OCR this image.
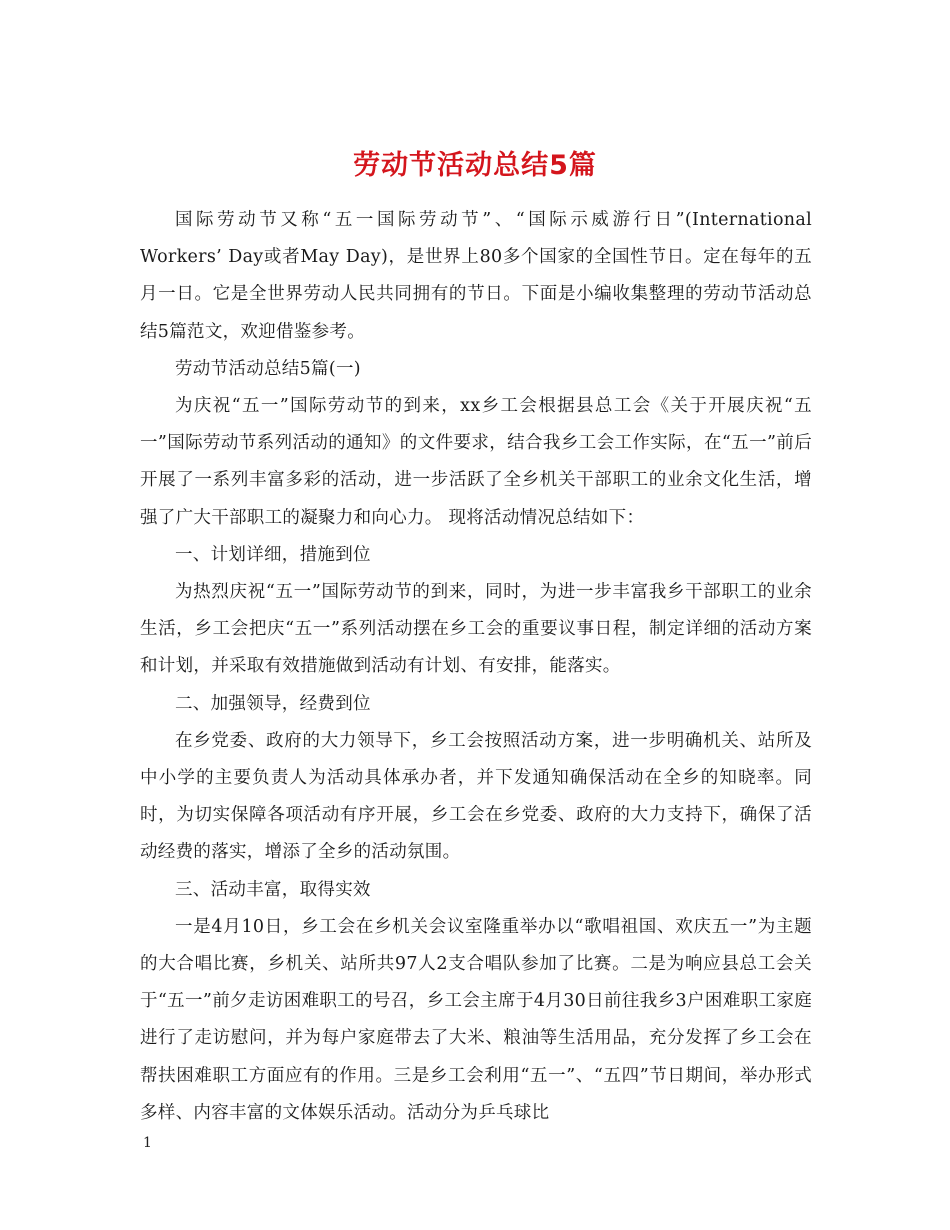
劳动节活动总结5篇

国际劳动节又称“五一国际劳动节”、“国际示威游行日”(International Workers’ Day或者May Day)，是世界上80多个国家的全国性节日。定在每年的五月一日。它是全世界劳动人民共同拥有的节日。下面是小编收集整理的劳动节活动总结5篇范文，欢迎借鉴参考。

劳动节活动总结5篇(一)

为庆祝“五一”国际劳动节的到来，xx乡工会根据县总工会《关于开展庆祝“五一”国际劳动节系列活动的通知》的文件要求，结合我乡工会工作实际，在“五一”前后开展了一系列丰富多彩的活动，进一步活跃了全乡机关干部职工的业余文化生活，增强了广大干部职工的凝聚力和向心力。 现将活动情况总结如下：

一、计划详细，措施到位

为热烈庆祝“五一”国际劳动节的到来，同时，为进一步丰富我乡干部职工的业余生活，乡工会把庆“五一”系列活动摆在乡工会的重要议事日程，制定详细的活动方案和计划，并采取有效措施做到活动有计划、有安排，能落实。

二、加强领导，经费到位

在乡党委、政府的大力领导下，乡工会按照活动方案，进一步明确机关、站所及中小学的主要负责人为活动具体承办者，并下发通知确保活动在全乡的知晓率。同时，为切实保障各项活动有序开展，乡工会在乡党委、政府的大力支持下，确保了活动经费的落实，增添了全乡的活动氛围。

三、活动丰富，取得实效

一是4月10日，乡工会在乡机关会议室隆重举办以“歌唱祖国、欢庆五一”为主题的大合唱比赛，乡机关、站所共97人2支合唱队参加了比赛。二是为响应县总工会关于“五一”前夕走访困难职工的号召，乡工会主席于4月30日前往我乡3户困难职工家庭进行了走访慰问，并为每户家庭带去了大米、粮油等生活用品，充分发挥了乡工会在帮扶困难职工方面应有的作用。三是乡工会利用“五一”、“五四”节日期间，举办形式多样、内容丰富的文体娱乐活动。活动分为乒乓球比

1
